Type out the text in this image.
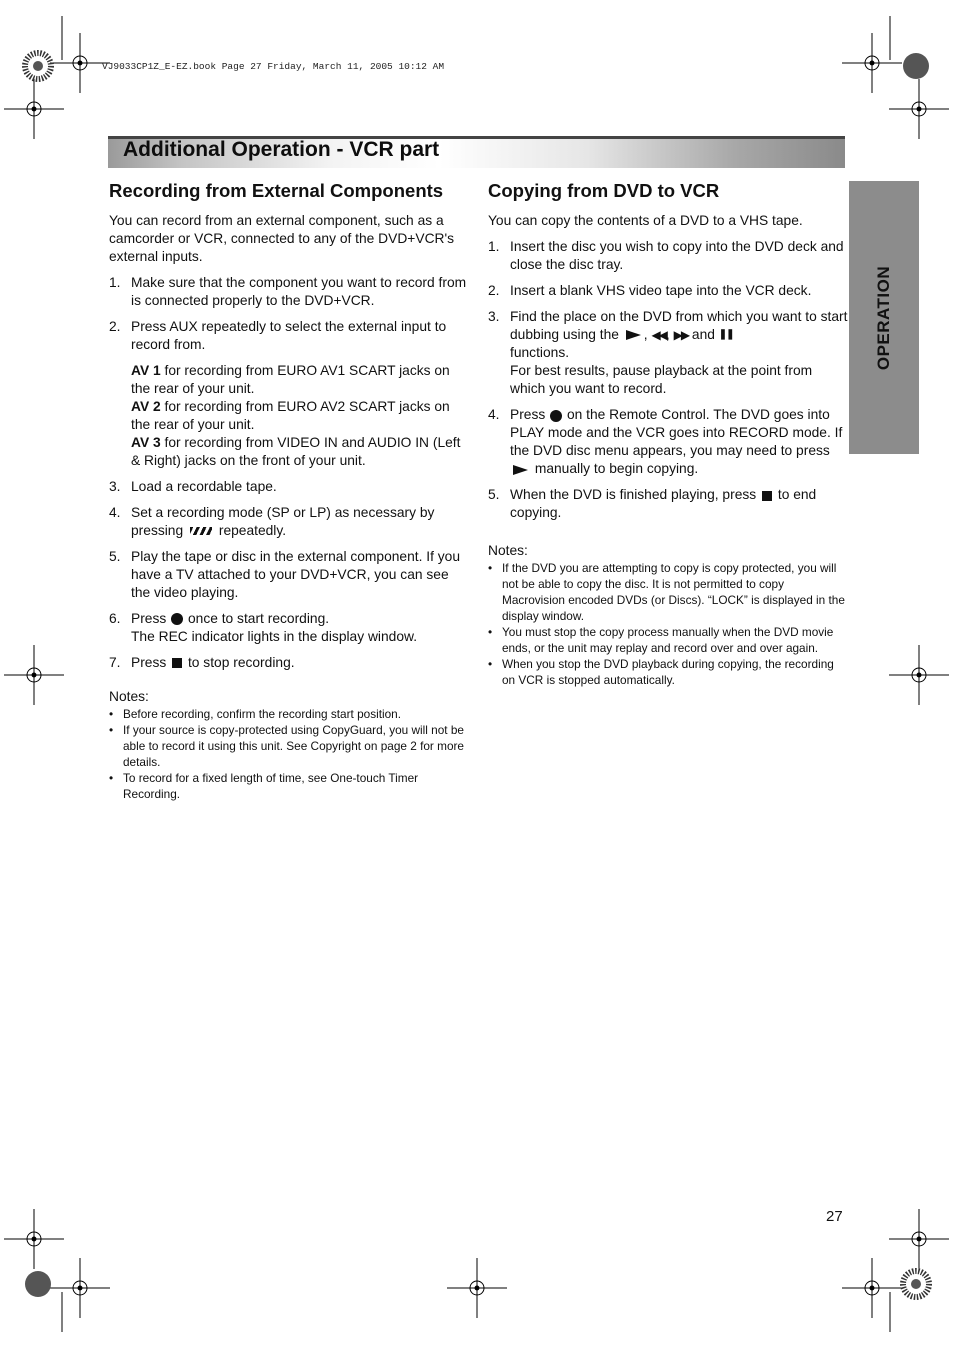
VJ9033CP1Z_E-EZ.book Page 27 Friday, March 11, 2005 10:12 AM
Additional Operation - VCR part
OPERATION
Recording from External Components

You can record from an external component, such as a camcorder or VCR, connected to any of the DVD+VCR's external inputs.

1. Make sure that the component you want to record from is connected properly to the DVD+VCR.
2. Press AUX repeatedly to select the external input to record from.
AV 1 for recording from EURO AV1 SCART jacks on the rear of your unit.
AV 2 for recording from EURO AV2 SCART jacks on the rear of your unit.
AV 3 for recording from VIDEO IN and AUDIO IN (Left & Right) jacks on the front of your unit.
3. Load a recordable tape.
4. Set a recording mode (SP or LP) as necessary by pressing	repeatedly.
5. Play the tape or disc in the external component. If you have a TV attached to your DVD+VCR, you can see the video playing.
6. Press once to start recording.
The REC indicator lights in the display window.
7. Press to stop recording.

Notes:

• Before recording, confirm the recording start position.
• If your source is copy-protected using CopyGuard, you will not be able to record it using this unit. See Copyright on page 2 for more details.
• To record for a fixed length of time, see One-touch Timer Recording.
Copying from DVD to VCR

You can copy the contents of a DVD to a VHS tape.

1. Insert the disc you wish to copy into the DVD deck and close the disc tray.
2. Insert a blank VHS video tape into the VCR deck.
3. Find the place on the DVD from which you want to start dubbing using the , ◀◀, ▶▶ and ❚❚
functions.
For best results, pause playback at the point from which you want to record.
4. Press on the Remote Control. The DVD goes into PLAY mode and the VCR goes into RECORD mode. If the DVD disc menu appears, you may need to press  manually to begin copying.
5. When the DVD is finished playing, press to end copying.

Notes:

• If the DVD you are attempting to copy is copy protected, you will not be able to copy the disc. It is not permitted to copy Macrovision encoded DVDs (or Discs). “LOCK” is displayed in the display window.
• You must stop the copy process manually when the DVD movie ends, or the unit may replay and record over and over again.
• When you stop the DVD playback during copying, the recording on VCR is stopped automatically.
27
